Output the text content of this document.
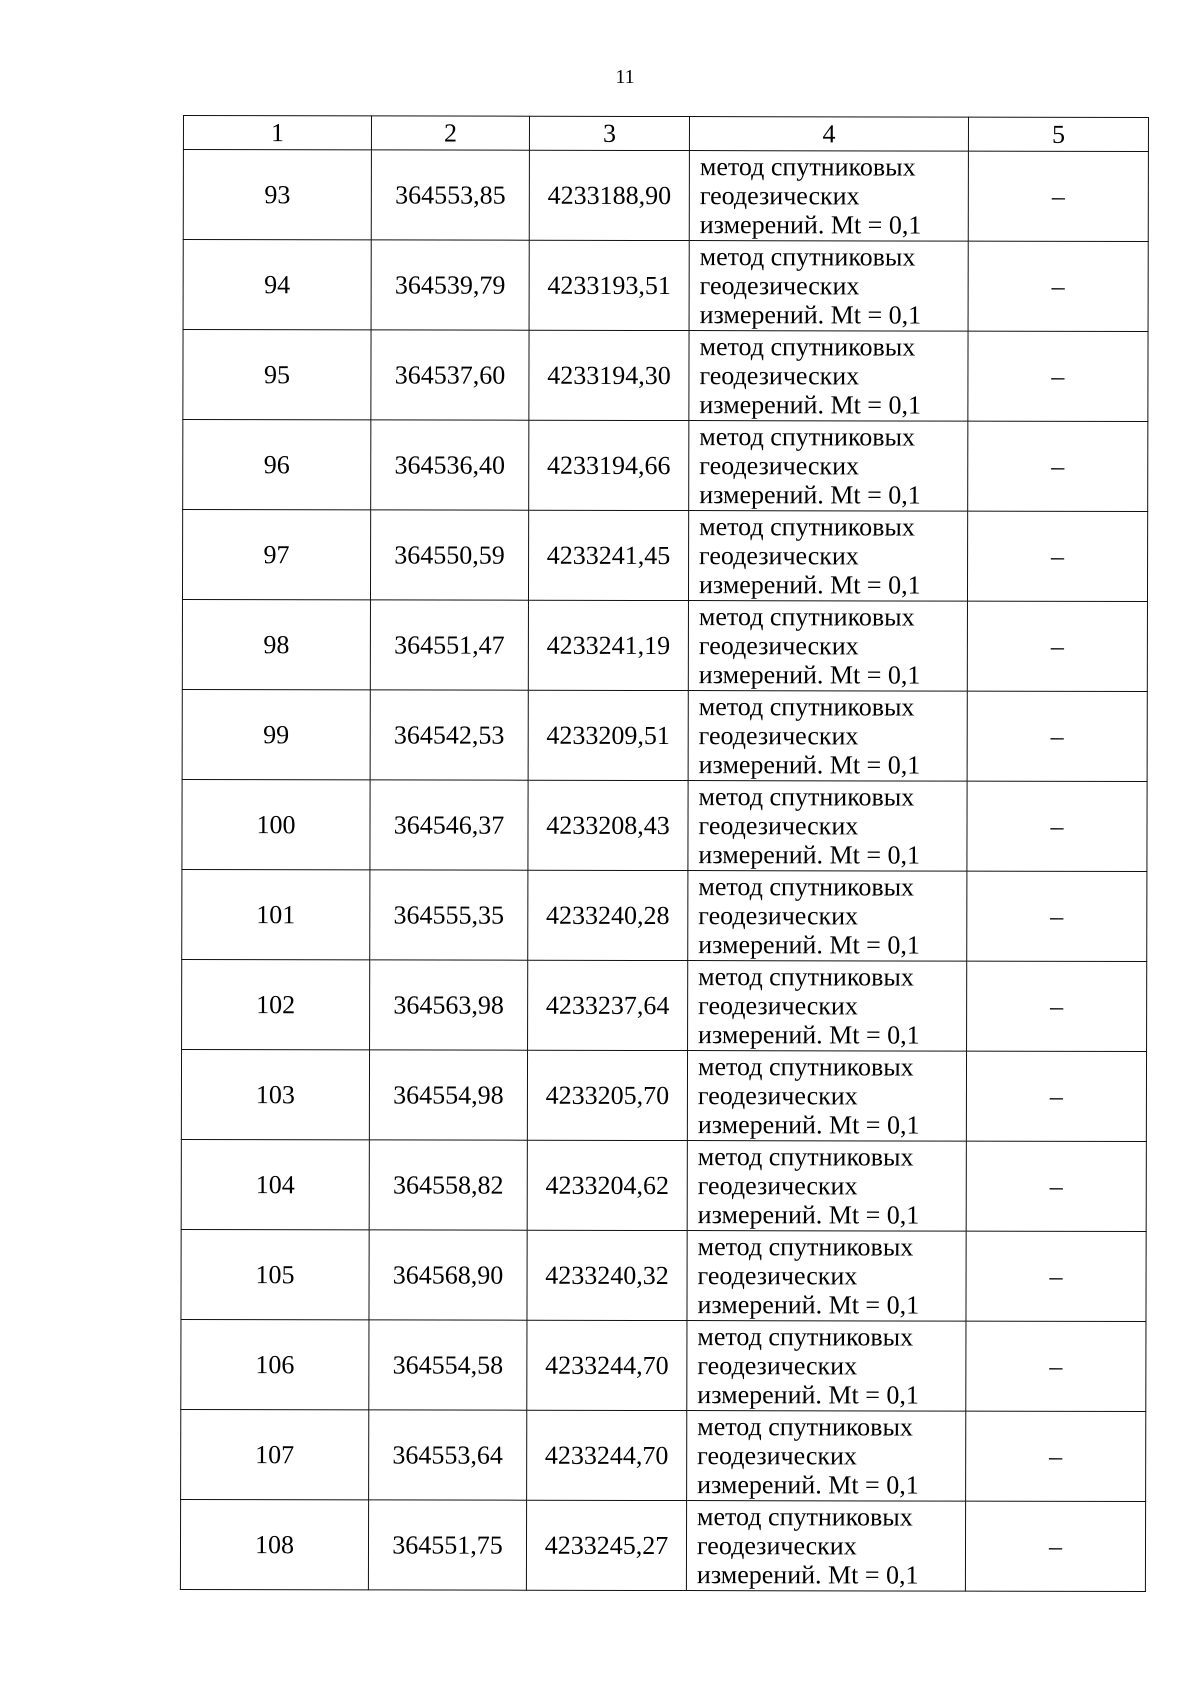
11
1	2	3	4	5
93	364553,85	4233188,90	метод спутниковых
геодезических
измерений. Mt = 0,1	–
94	364539,79	4233193,51	метод спутниковых
геодезических
измерений. Mt = 0,1	–
95	364537,60	4233194,30	метод спутниковых
геодезических
измерений. Mt = 0,1	–
96	364536,40	4233194,66	метод спутниковых
геодезических
измерений. Mt = 0,1	–
97	364550,59	4233241,45	метод спутниковых
геодезических
измерений. Mt = 0,1	–
98	364551,47	4233241,19	метод спутниковых
геодезических
измерений. Mt = 0,1	–
99	364542,53	4233209,51	метод спутниковых
геодезических
измерений. Mt = 0,1	–
100	364546,37	4233208,43	метод спутниковых
геодезических
измерений. Mt = 0,1	–
101	364555,35	4233240,28	метод спутниковых
геодезических
измерений. Mt = 0,1	–
102	364563,98	4233237,64	метод спутниковых
геодезических
измерений. Mt = 0,1	–
103	364554,98	4233205,70	метод спутниковых
геодезических
измерений. Mt = 0,1	–
104	364558,82	4233204,62	метод спутниковых
геодезических
измерений. Mt = 0,1	–
105	364568,90	4233240,32	метод спутниковых
геодезических
измерений. Mt = 0,1	–
106	364554,58	4233244,70	метод спутниковых
геодезических
измерений. Mt = 0,1	–
107	364553,64	4233244,70	метод спутниковых
геодезических
измерений. Mt = 0,1	–
108	364551,75	4233245,27	метод спутниковых
геодезических
измерений. Mt = 0,1	–
